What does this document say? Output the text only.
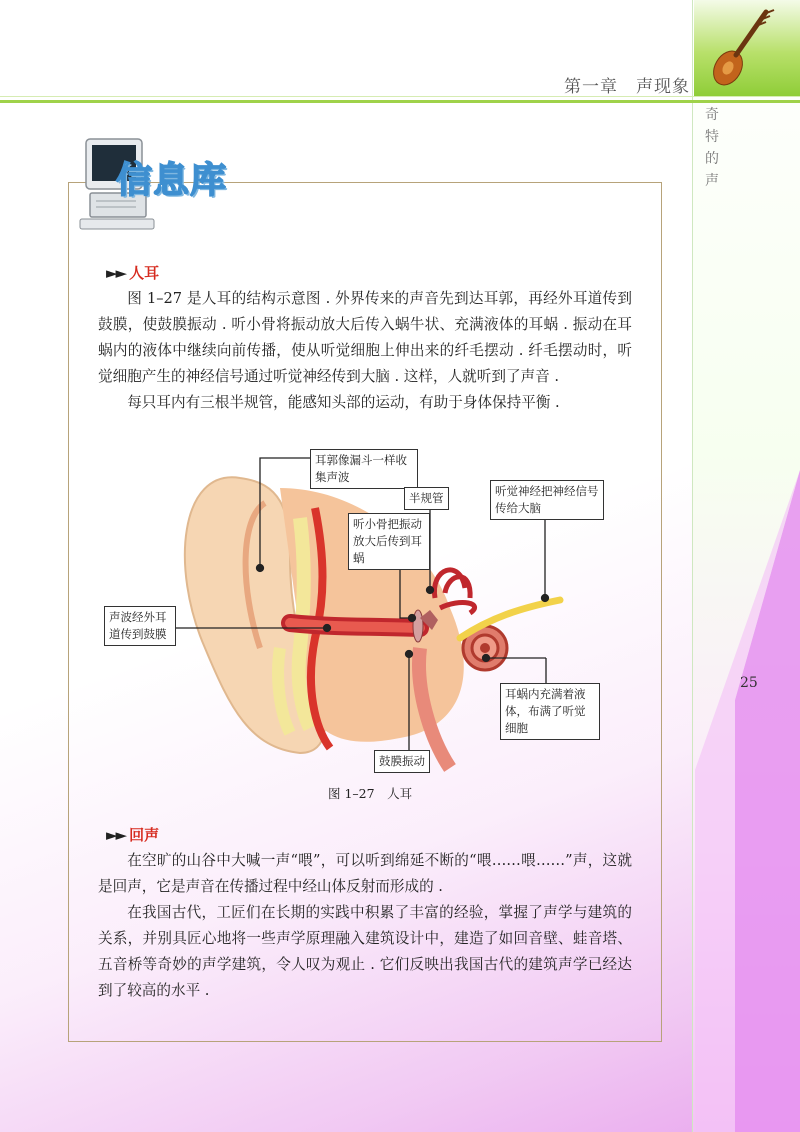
第一章　声现象
奇特的声
25
信息库
►► 人耳

图 1–27 是人耳的结构示意图 . 外界传来的声音先到达耳郭，再经外耳道传到鼓膜，使鼓膜振动 . 听小骨将振动放大后传入蜗牛状、充满液体的耳蜗 . 振动在耳蜗内的液体中继续向前传播，使从听觉细胞上伸出来的纤毛摆动 . 纤毛摆动时，听觉细胞产生的神经信号通过听觉神经传到大脑 . 这样，人就听到了声音 .

每只耳内有三根半规管，能感知头部的运动，有助于身体保持平衡 .

耳郭像漏斗一样收集声波
半规管	听觉神经把神经信号传给大脑
听小骨把振动放大后传到耳蜗
声波经外耳道传到鼓膜
耳蜗内充满着液体，布满了听觉细胞
鼓膜振动
图 1–27　人耳
►► 回声

在空旷的山谷中大喊一声“喂”，可以听到绵延不断的“喂……喂……”声，这就是回声，它是声音在传播过程中经山体反射而形成的 .

在我国古代，工匠们在长期的实践中积累了丰富的经验，掌握了声学与建筑的关系，并别具匠心地将一些声学原理融入建筑设计中，建造了如回音壁、蛙音塔、五音桥等奇妙的声学建筑，令人叹为观止 . 它们反映出我国古代的建筑声学已经达到了较高的水平 .
